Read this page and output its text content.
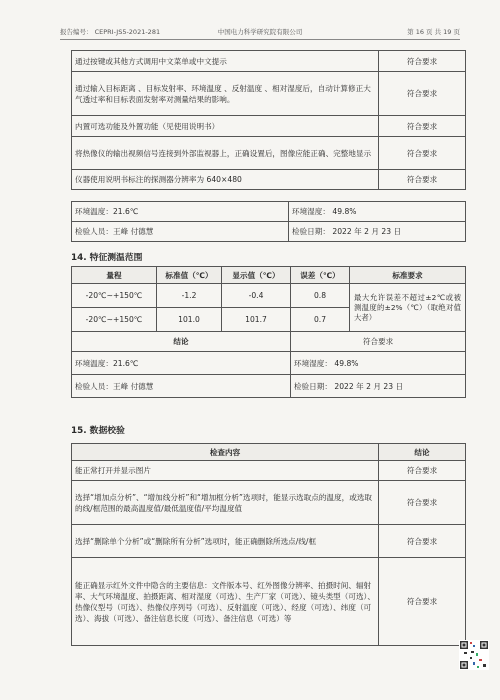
报告编号： CEPRI-JS5-2021-281	中国电力科学研究院有限公司	第 16 页 共 19 页
通过按键或其他方式调用中文菜单或中文提示	符合要求
通过输入目标距离 、目标发射率、环境温度 、反射温度 、相对湿度后，自动计算修正大气透过率和目标表面发射率对测量结果的影响。	符合要求
内置可选功能及外置功能（见使用说明书）	符合要求
将热像仪的输出视频信号连接到外部监视器上，正确设置后，图像应能正确、完整地显示	符合要求
仪器使用说明书标注的探测器分辨率为 640×480	符合要求
环境温度：21.6℃	环境湿度： 49.8%
检验人员：王峰 付德慧	检验日期： 2022 年 2 月 23 日
14. 特征测温范围
量程	标准值（℃）	显示值（℃）	误差（℃）	标准要求
-20℃~+150℃	-1.2	-0.4	0.8	最大允许误差不超过±2℃或被测温度的±2%（℃）（取绝对值大者）
-20℃~+150℃	101.0	101.7	0.7	
结论			符合要求	
环境温度：21.6℃			环境湿度： 49.8%	
检验人员：王峰 付德慧			检验日期： 2022 年 2 月 23 日	
15. 数据校验
检查内容	结论
能正常打开并显示图片	符合要求
选择“增加点分析”、“增加线分析”和“增加框分析”选项时，能显示选取点的温度，或选取的线/框范围的最高温度值/最低温度值/平均温度值	符合要求
选择“删除单个分析”或“删除所有分析”选项时，能正确删除所选点/线/框	符合要求
能正确显示红外文件中隐含的主要信息：文件版本号、红外图像分辨率、拍摄时间、辐射率、大气环境温度、拍摄距离、相对湿度（可选）、生产厂家（可选）、镜头类型（可选）、热像仪型号（可选）、热像仪序列号（可选）、反射温度（可选）、经度（可选）、纬度（可选）、海拔（可选）、备注信息长度（可选）、备注信息（可选）等	符合要求
